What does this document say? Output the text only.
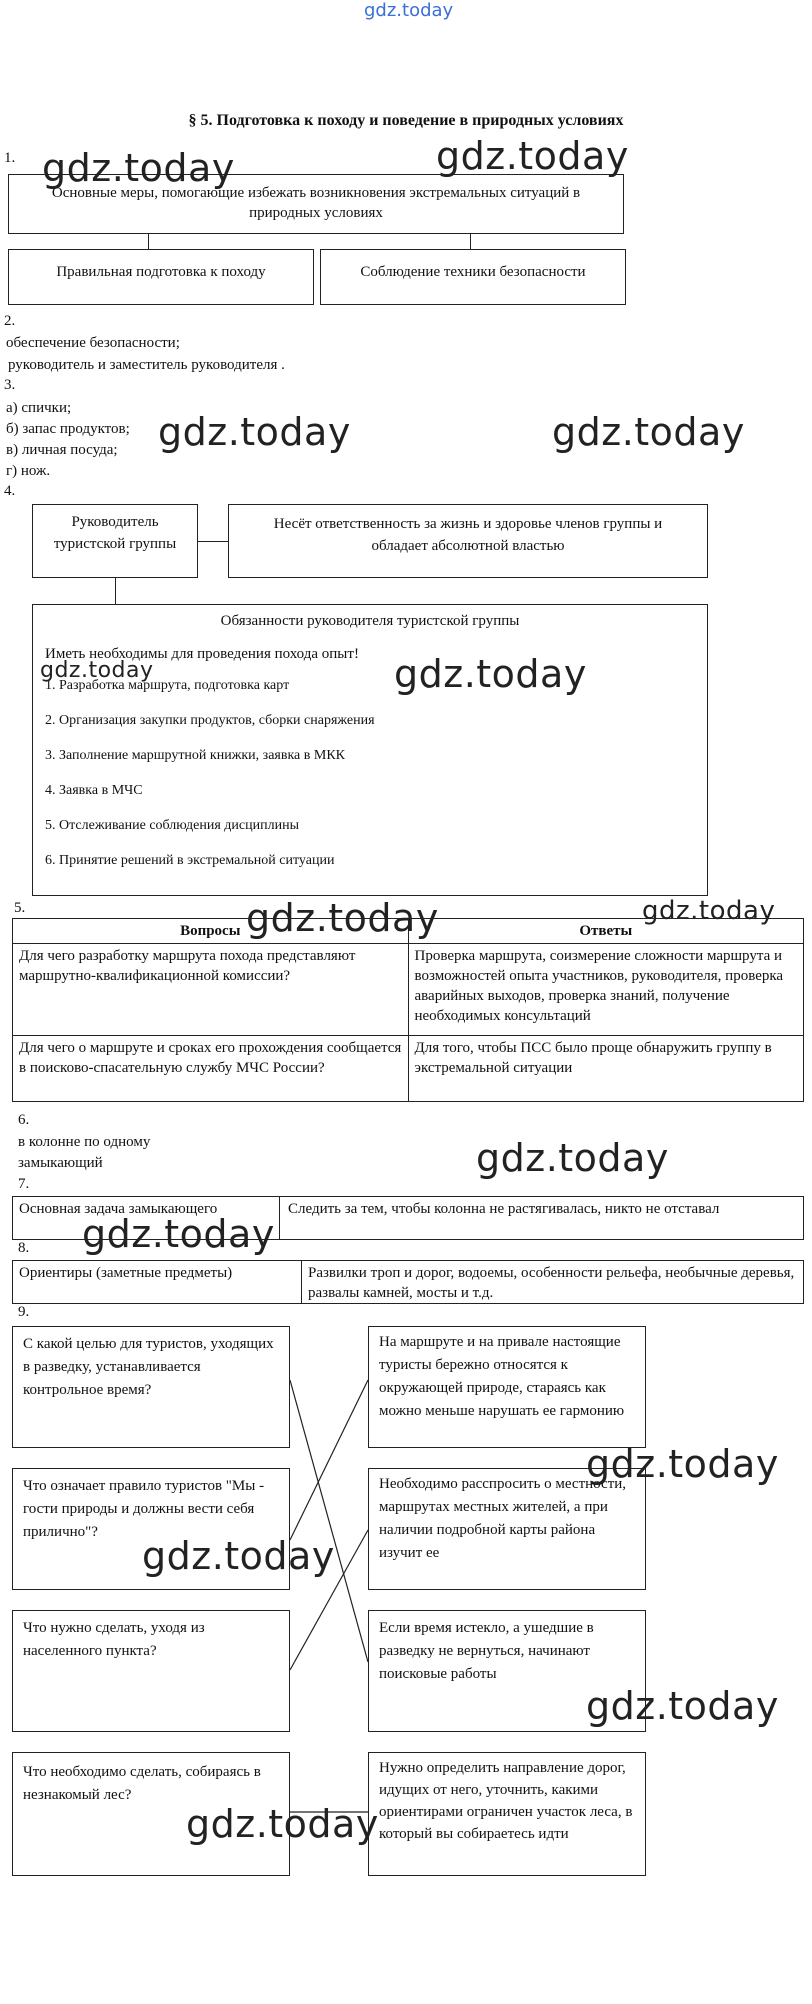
gdz.today
§ 5. Подготовка к походу и поведение в природных условиях
1.
Основные меры, помогающие избежать возникновения экстремальных ситуаций в природных условиях
Правильная подготовка к походу	Соблюдение техники безопасности
2.
обеспечение безопасности;
руководитель и заместитель руководителя .
3.
а) спички;
б) запас продуктов;
в) личная посуда;
г) нож.
4.
Руководитель туристской группы
Несёт ответственность за жизнь и здоровье членов группы и обладает абсолютной властью
Обязанности руководителя туристской группы
Иметь необходимы для проведения похода опыт!
1. Разработка маршрута, подготовка карт
2. Организация закупки продуктов, сборки снаряжения
3. Заполнение маршрутной книжки, заявка в МКК
4. Заявка в МЧС
5. Отслеживание соблюдения дисциплины
6. Принятие решений в экстремальной ситуации
5.
Вопросы	Ответы
Для чего разработку маршрута похода представляют маршрутно-квалификационной комиссии?	Проверка маршрута, соизмерение сложности маршрута и возможностей опыта участников, руководителя, проверка аварийных выходов, проверка знаний, получение необходимых консультаций
Для чего о маршруте и сроках его прохождения сообщается в поисково-спасательную службу МЧС России?	Для того, чтобы ПСС было проще обнаружить группу в экстремальной ситуации
6.
в колонне по одному
замыкающий
7.
Основная задача замыкающего	Следить за тем, чтобы колонна не растягивалась, никто не отставал
8.
Ориентиры (заметные предметы)	Развилки троп и дорог, водоемы, особенности рельефа, необычные деревья, развалы камней, мосты и т.д.
9.
С какой целью для туристов, уходящих в разведку, устанавливается контрольное время?
Что означает правило туристов "Мы - гости природы и должны вести себя прилично"?
Что нужно сделать, уходя из населенного пункта?
Что необходимо сделать, собираясь в незнакомый лес?
На маршруте и на привале настоящие туристы бережно относятся к окружающей природе, стараясь как можно меньше нарушать ее гармонию
Необходимо расспросить о местности, маршрутах местных жителей, а при наличии подробной карты района изучит ее
Если время истекло, а ушедшие в разведку не вернуться, начинают поисковые работы
Нужно определить направление дорог, идущих от него, уточнить, какими ориентирами ограничен участок леса, в который вы собираетесь идти
gdz.today	gdz.today
gdz.today	gdz.today
gdz.today	gdz.today
gdz.today	gdz.today
gdz.today
gdz.today
gdz.today
gdz.today
gdz.today
gdz.today
